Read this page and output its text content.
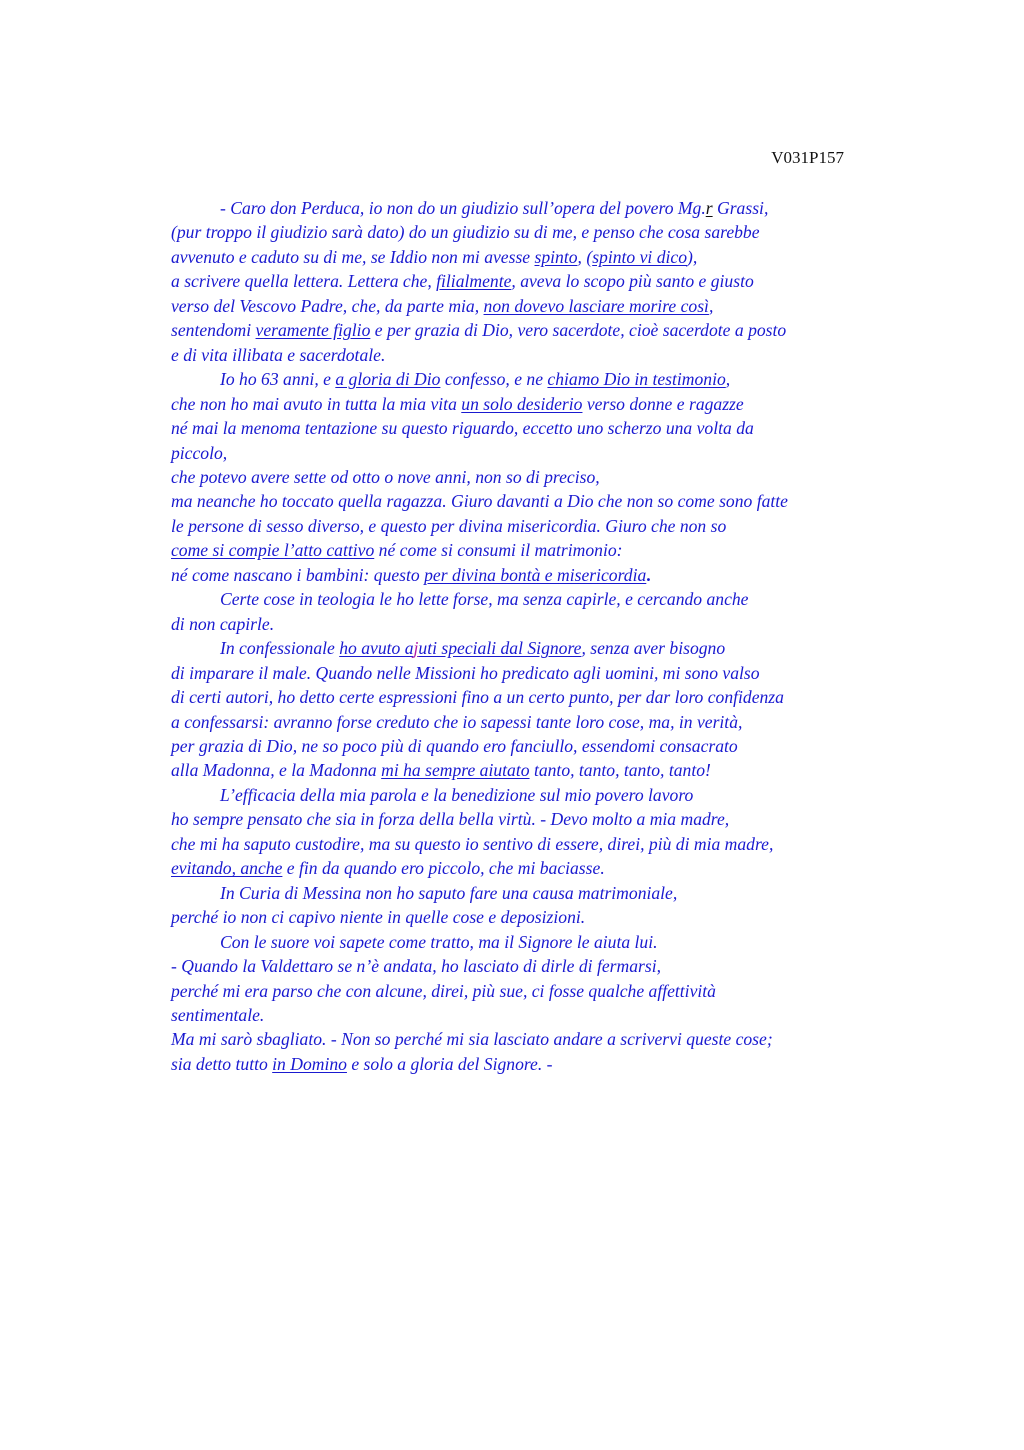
V031P157
- Caro don Perduca, io non do un giudizio sull’opera del povero Mg.r Grassi,
(pur troppo il giudizio sarà dato) do un giudizio su di me, e penso che cosa sarebbe
avvenuto e caduto su di me, se Iddio non mi avesse spinto, (spinto vi dico),
a scrivere quella lettera. Lettera che, filialmente, aveva lo scopo più santo e giusto
verso del Vescovo Padre, che, da parte mia, non dovevo lasciare morire così,
sentendomi veramente figlio e per grazia di Dio, vero sacerdote, cioè sacerdote a posto
e di vita illibata e sacerdotale.
Io ho 63 anni, e a gloria di Dio confesso, e ne chiamo Dio in testimonio,
che non ho mai avuto in tutta la mia vita un solo desiderio verso donne e ragazze
né mai la menoma tentazione su questo riguardo, eccetto uno scherzo una volta da
piccolo,
che potevo avere sette od otto o nove anni, non so di preciso,
ma neanche ho toccato quella ragazza. Giuro davanti a Dio che non so come sono fatte
le persone di sesso diverso, e questo per divina misericordia. Giuro che non so
come si compie l’atto cattivo né come si consumi il matrimonio:
né come nascano i bambini: questo per divina bontà e misericordia.
Certe cose in teologia le ho lette forse, ma senza capirle, e cercando anche
di non capirle.
In confessionale ho avuto ajuti speciali dal Signore, senza aver bisogno
di imparare il male. Quando nelle Missioni ho predicato agli uomini, mi sono valso
di certi autori, ho detto certe espressioni fino a un certo punto, per dar loro confidenza
a confessarsi: avranno forse creduto che io sapessi tante loro cose, ma, in verità,
per grazia di Dio, ne so poco più di quando ero fanciullo, essendomi consacrato
alla Madonna, e la Madonna mi ha sempre aiutato tanto, tanto, tanto, tanto!
L’efficacia della mia parola e la benedizione sul mio povero lavoro
ho sempre pensato che sia in forza della bella virtù. - Devo molto a mia madre,
che mi ha saputo custodire, ma su questo io sentivo di essere, direi, più di mia madre,
evitando, anche e fin da quando ero piccolo, che mi baciasse.
In Curia di Messina non ho saputo fare una causa matrimoniale,
perché io non ci capivo niente in quelle cose e deposizioni.
Con le suore voi sapete come tratto, ma il Signore le aiuta lui.
- Quando la Valdettaro se n’è andata, ho lasciato di dirle di fermarsi,
perché mi era parso che con alcune, direi, più sue, ci fosse qualche affettività
sentimentale.
Ma mi sarò sbagliato. - Non so perché mi sia lasciato andare a scrivervi queste cose;
sia detto tutto in Domino e solo a gloria del Signore. -
